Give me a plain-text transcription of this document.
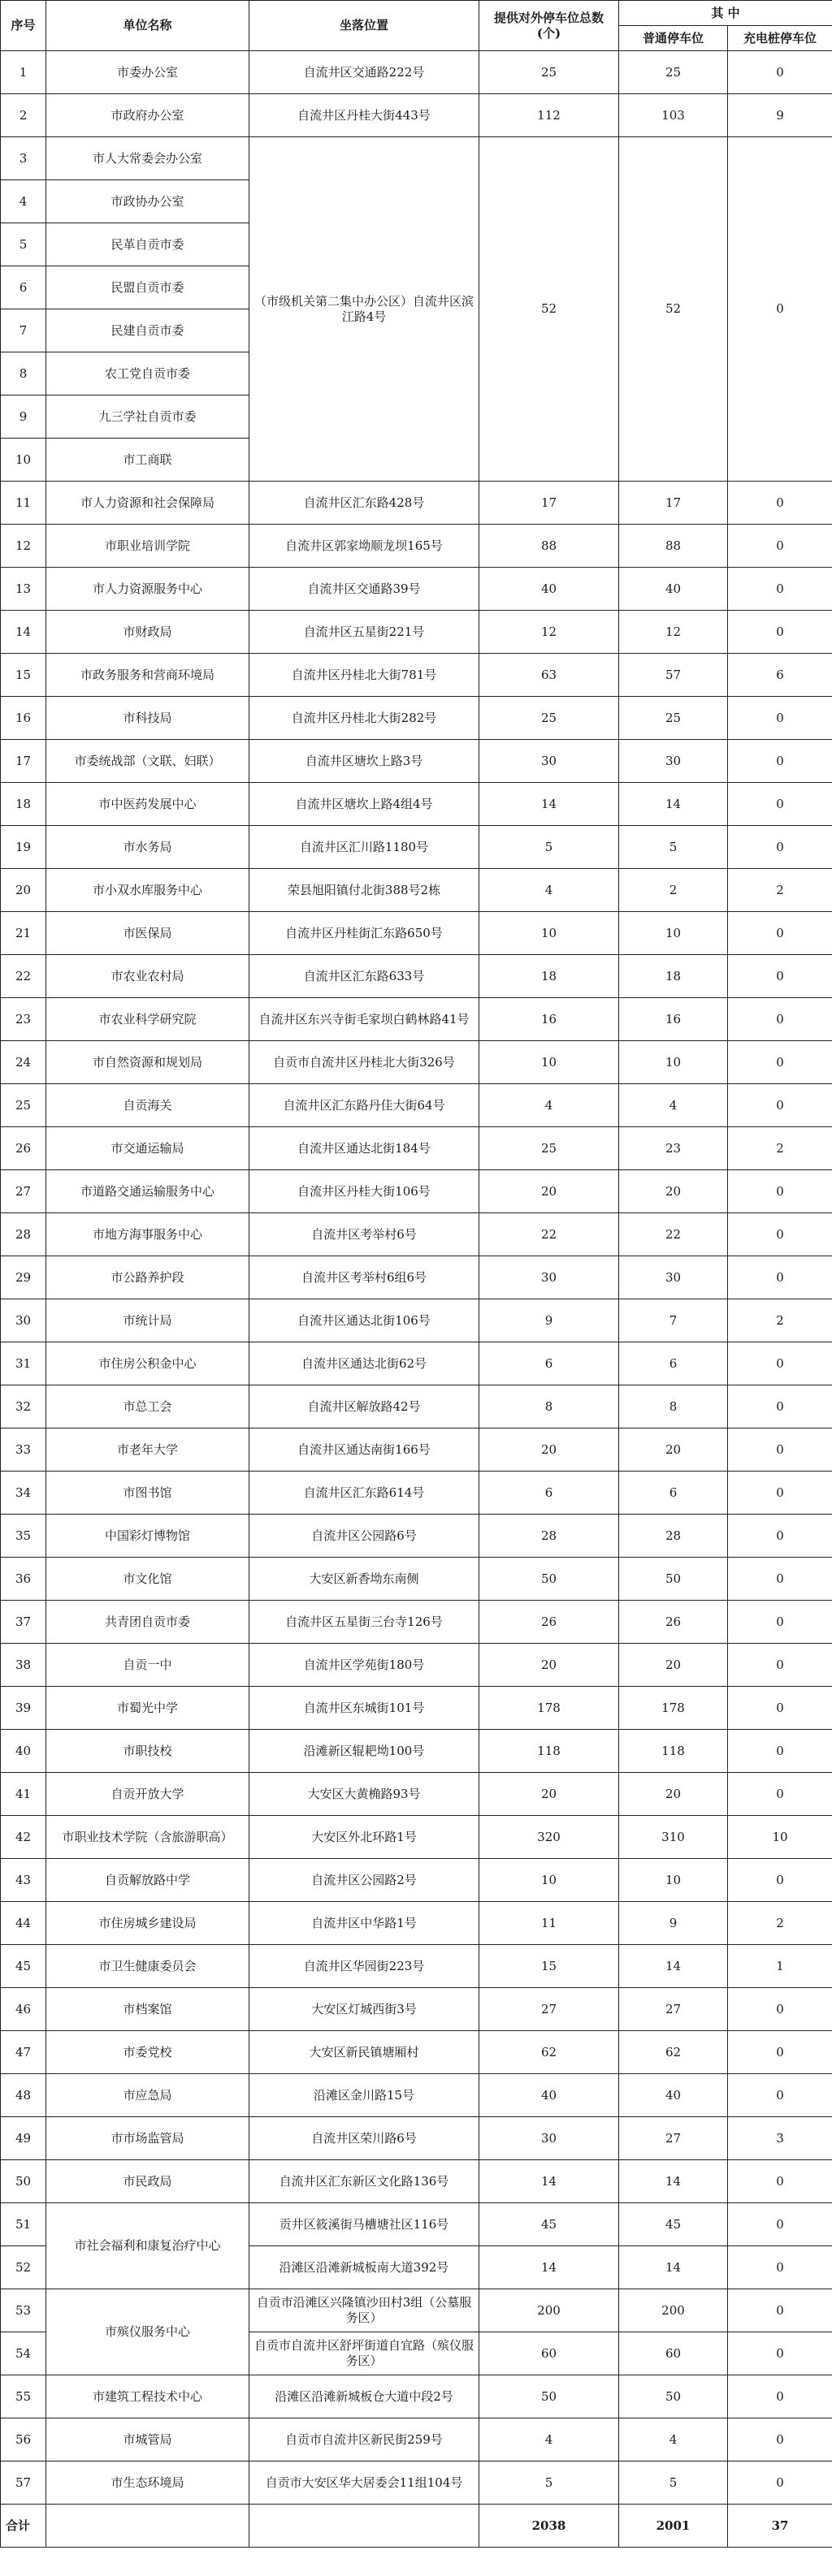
序号	单位名称	坐落位置	提供对外停车位总数(个)	其 中	
				普通停车位	充电桩停车位
1	市委办公室	自流井区交通路222号	25	25	0
2	市政府办公室	自流井区丹桂大街443号	112	103	9
3	市人大常委会办公室	（市级机关第二集中办公区）自流井区滨江路4号	52	52	0
4	市政协办公室				
5	民革自贡市委				
6	民盟自贡市委				
7	民建自贡市委				
8	农工党自贡市委				
9	九三学社自贡市委				
10	市工商联				
11	市人力资源和社会保障局	自流井区汇东路428号	17	17	0
12	市职业培训学院	自流井区郭家坳顺龙坝165号	88	88	0
13	市人力资源服务中心	自流井区交通路39号	40	40	0
14	市财政局	自流井区五星街221号	12	12	0
15	市政务服务和营商环境局	自流井区丹桂北大街781号	63	57	6
16	市科技局	自流井区丹桂北大街282号	25	25	0
17	市委统战部（文联、妇联）	自流井区塘坎上路3号	30	30	0
18	市中医药发展中心	自流井区塘坎上路4组4号	14	14	0
19	市水务局	自流井区汇川路1180号	5	5	0
20	市小双水库服务中心	荣县旭阳镇付北街388号2栋	4	2	2
21	市医保局	自流井区丹桂街汇东路650号	10	10	0
22	市农业农村局	自流井区汇东路633号	18	18	0
23	市农业科学研究院	自流井区东兴寺街毛家坝白鹤林路41号	16	16	0
24	市自然资源和规划局	自贡市自流井区丹桂北大街326号	10	10	0
25	自贡海关	自流井区汇东路丹佳大街64号	4	4	0
26	市交通运输局	自流井区通达北街184号	25	23	2
27	市道路交通运输服务中心	自流井区丹桂大街106号	20	20	0
28	市地方海事服务中心	自流井区考举村6号	22	22	0
29	市公路养护段	自流井区考举村6组6号	30	30	0
30	市统计局	自流井区通达北街106号	9	7	2
31	市住房公积金中心	自流井区通达北街62号	6	6	0
32	市总工会	自流井区解放路42号	8	8	0
33	市老年大学	自流井区通达南街166号	20	20	0
34	市图书馆	自流井区汇东路614号	6	6	0
35	中国彩灯博物馆	自流井区公园路6号	28	28	0
36	市文化馆	大安区新香坳东南侧	50	50	0
37	共青团自贡市委	自流井区五星街三台寺126号	26	26	0
38	自贡一中	自流井区学苑街180号	20	20	0
39	市蜀光中学	自流井区东城街101号	178	178	0
40	市职技校	沿滩新区辊耙坳100号	118	118	0
41	自贡开放大学	大安区大黄桷路93号	20	20	0
42	市职业技术学院（含旅游职高）	大安区外北环路1号	320	310	10
43	自贡解放路中学	自流井区公园路2号	10	10	0
44	市住房城乡建设局	自流井区中华路1号	11	9	2
45	市卫生健康委员会	自流井区华园街223号	15	14	1
46	市档案馆	大安区灯城西街3号	27	27	0
47	市委党校	大安区新民镇塘厢村	62	62	0
48	市应急局	沿滩区金川路15号	40	40	0
49	市市场监管局	自流井区荣川路6号	30	27	3
50	市民政局	自流井区汇东新区文化路136号	14	14	0
51	市社会福利和康复治疗中心	贡井区筱溪街马槽塘社区116号	45	45	0
52		沿滩区沿滩新城板南大道392号	14	14	0
53	市殡仪服务中心	自贡市沿滩区兴隆镇沙田村3组（公墓服务区）	200	200	0
54		自贡市自流井区舒坪街道自宜路（殡仪服务区）	60	60	0
55	市建筑工程技术中心	沿滩区沿滩新城板仓大道中段2号	50	50	0
56	市城管局	自贡市自流井区新民街259号	4	4	0
57	市生态环境局	自贡市大安区华大居委会11组104号	5	5	0
合计			2038	2001	37
